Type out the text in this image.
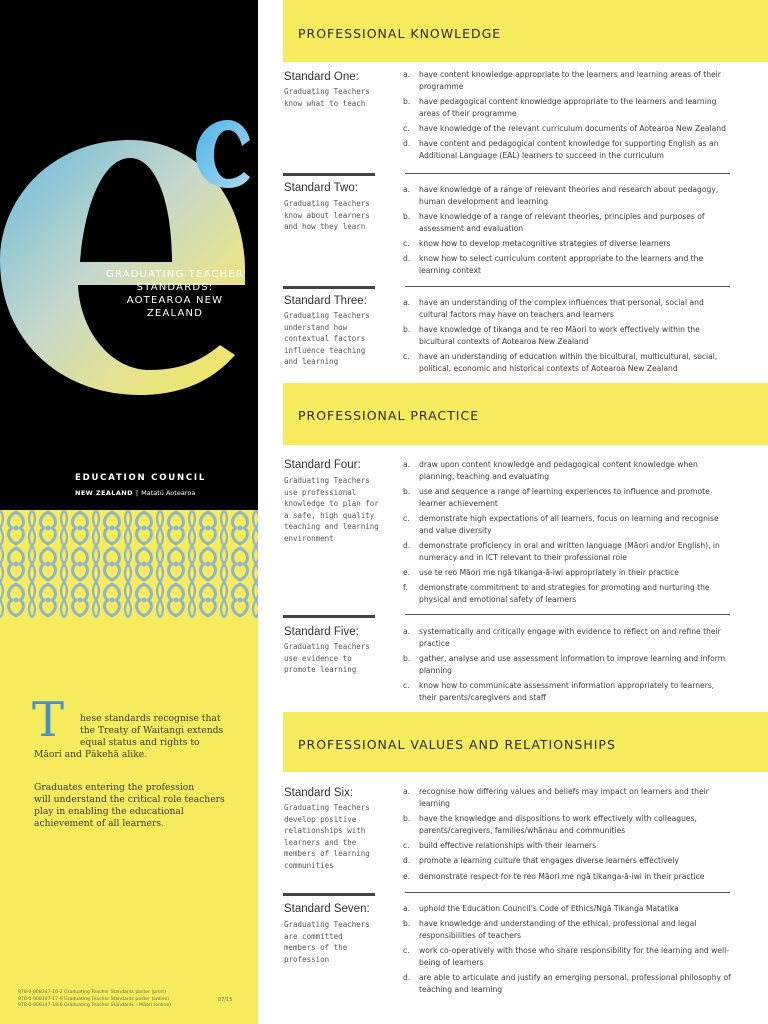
GRADUATING TEACHER
STANDARDS:
AOTEAROA NEW ZEALAND
EDUCATION COUNCIL
NEW ZEALAND | Matatū Aotearoa
T	hese standards recognise that
the Treaty of Waitangi extends
equal status and rights to
Māori and Pākehā alike.
Graduates entering the profession
will understand the critical role teachers
play in enabling the educational
achievement of all learners.
978-0-908347-16-2 Graduating Teacher Standards poster (print)
978-0-908347-17-9 Graduating Teacher Standards poster (online)
978-0-908347-18-6 Graduating Teacher Standards – Māori (online)
07/15
PROFESSIONAL KNOWLEDGE
PROFESSIONAL PRACTICE
PROFESSIONAL VALUES AND RELATIONSHIPS
Standard One:
Graduating Teachers
know what to teach
a. have content knowledge appropriate to the learners and learning areas of their programme
b. have pedagogical content knowledge appropriate to the learners and learning areas of their programme
c. have knowledge of the relevant curriculum documents of Aotearoa New Zealand
d. have content and pedagogical content knowledge for supporting English as an Additional Language (EAL) learners to succeed in the curriculum
Standard Two:
Graduating Teachers
know about learners
and how they learn
a. have knowledge of a range of relevant theories and research about pedagogy, human development and learning
b. have knowledge of a range of relevant theories, principles and purposes of assessment and evaluation
c. know how to develop metacognitive strategies of diverse learners
d. know how to select curriculum content appropriate to the learners and the learning context
Standard Three:
Graduating Teachers
understand how
contextual factors
influence teaching
and learning
a. have an understanding of the complex influences that personal, social and cultural factors may have on teachers and learners
b. have knowledge of tikanga and te reo Māori to work effectively within the bicultural contexts of Aotearoa New Zealand
c. have an understanding of education within the bicultural, multicultural, social, political, economic and historical contexts of Aotearoa New Zealand
Standard Four:
Graduating Teachers
use professional
knowledge to plan for
a safe, high quality
teaching and learning
environment
a. draw upon content knowledge and pedagogical content knowledge when planning, teaching and evaluating
b. use and sequence a range of learning experiences to influence and promote learner achievement
c. demonstrate high expectations of all learners, focus on learning and recognise and value diversity
d. demonstrate proficiency in oral and written language (Māori and/or English), in numeracy and in ICT relevant to their professional role
e. use te reo Māori me ngā tikanga-ā-iwi appropriately in their practice
f. demonstrate commitment to and strategies for promoting and nurturing the physical and emotional safety of learners
Standard Five:
Graduating Teachers
use evidence to
promote learning
a. systematically and critically engage with evidence to reflect on and refine their practice
b. gather, analyse and use assessment information to improve learning and inform planning
c. know how to communicate assessment information appropriately to learners, their parents/caregivers and staff
Standard Six:
Graduating Teachers
develop positive
relationships with
learners and the
members of learning
communities
a. recognise how differing values and beliefs may impact on learners and their learning
b. have the knowledge and dispositions to work effectively with colleagues, parents/caregivers, families/whānau and communities
c. build effective relationships with their learners
d. promote a learning culture that engages diverse learners effectively
e. demonstrate respect for te reo Māori me ngā tikanga-ā-iwi in their practice
Standard Seven:
Graduating Teachers
are committed
members of the
profession
a. uphold the Education Council’s Code of Ethics/Ngā Tikanga Matatika
b. have knowledge and understanding of the ethical, professional and legal responsibilities of teachers
c. work co-operatively with those who share responsibility for the learning and well-being of learners
d. are able to articulate and justify an emerging personal, professional philosophy of teaching and learning
